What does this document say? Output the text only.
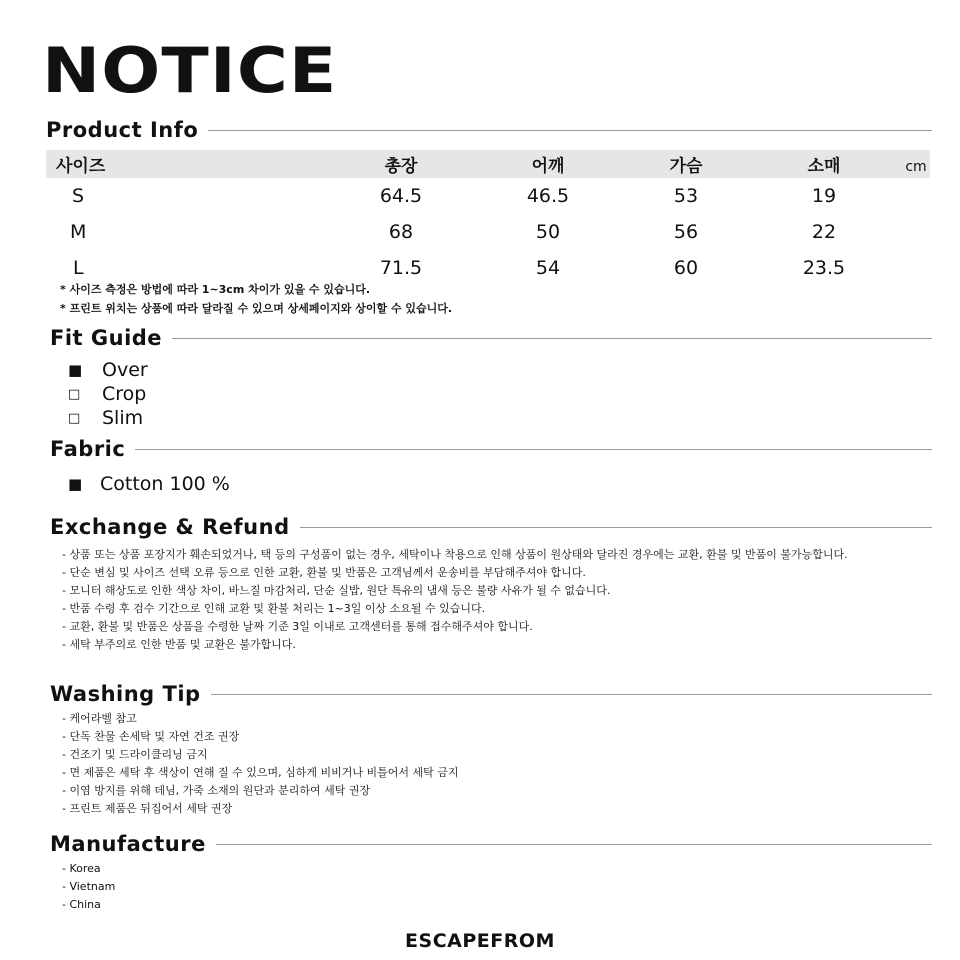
NOTICE
Product Info
사이즈	총장	어깨	가슴	소매	cm
S	64.5	46.5	53	19
M	68	50	56	22
L	71.5	54	60	23.5
* 사이즈 측정은 방법에 따라 1~3cm 차이가 있을 수 있습니다.
* 프린트 위치는 상품에 따라 달라질 수 있으며 상세페이지와 상이할 수 있습니다.
Fit Guide
■	Over
□	Crop
□	Slim
Fabric
■ Cotton 100 %
Exchange & Refund
- 상품 또는 상품 포장지가 훼손되었거나, 택 등의 구성품이 없는 경우, 세탁이나 착용으로 인해 상품이 원상태와 달라진 경우에는 교환, 환불 및 반품이 불가능합니다.
- 단순 변심 및 사이즈 선택 오류 등으로 인한 교환, 환불 및 반품은 고객님께서 운송비를 부담해주셔야 합니다.
- 모니터 해상도로 인한 색상 차이, 바느질 마감처리, 단순 실밥, 원단 특유의 냄새 등은 불량 사유가 될 수 없습니다.
- 반품 수령 후 검수 기간으로 인해 교환 및 환불 처리는 1~3일 이상 소요될 수 있습니다.
- 교환, 환불 및 반품은 상품을 수령한 날짜 기준 3일 이내로 고객센터를 통해 접수해주셔야 합니다.
- 세탁 부주의로 인한 반품 및 교환은 불가합니다.
Washing Tip
- 케어라벨 참고
- 단독 찬물 손세탁 및 자연 건조 권장
- 건조기 및 드라이클리닝 금지
- 면 제품은 세탁 후 색상이 연해 질 수 있으며, 심하게 비비거나 비틀어서 세탁 금지
- 이염 방지를 위해 데님, 가죽 소재의 원단과 분리하여 세탁 권장
- 프린트 제품은 뒤집어서 세탁 권장
Manufacture
- Korea
- Vietnam
- China
ESCAPEFROM
